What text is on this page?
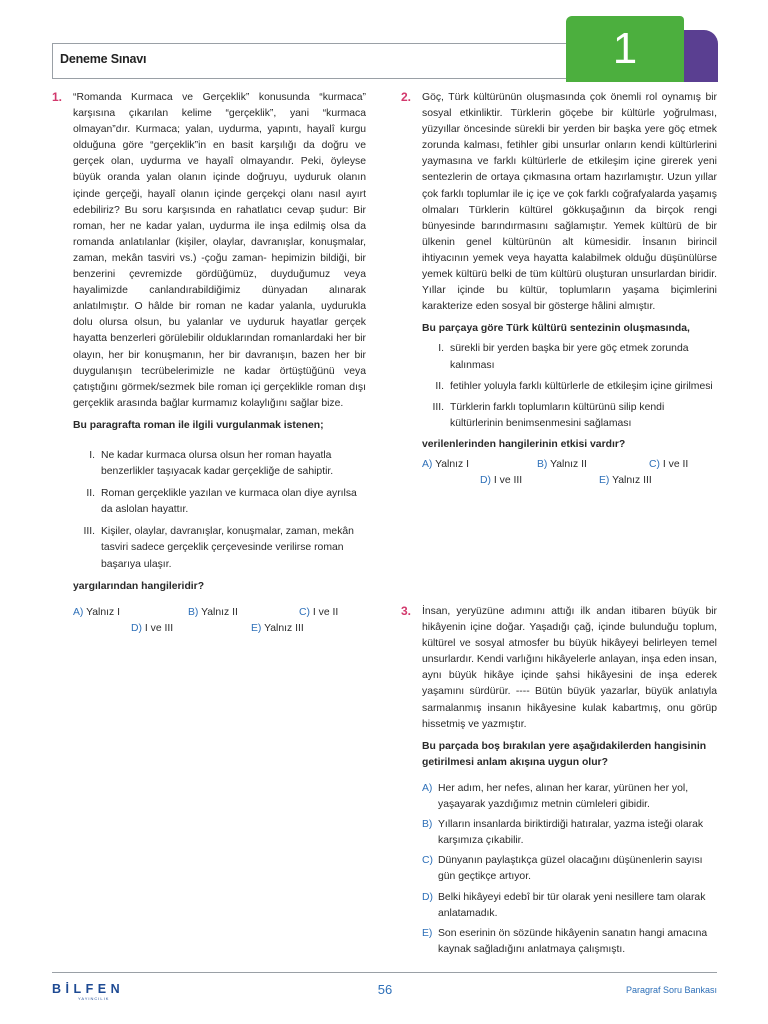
Deneme Sınavı	1
1. “Romanda Kurmaca ve Gerçeklik” konusunda “kurmaca” karşısına çıkarılan kelime “gerçeklik”, yani “kurmaca olmayan”dır. Kurmaca; yalan, uydurma, yapıntı, hayalî kurgu olduğuna göre “gerçeklik”in en basit karşılığı da doğru ve gerçek olan, uydurma ve hayalî olmayandır. Peki, öyleyse büyük oranda yalan olanın içinde doğruyu, uyduruk olanın içinde gerçeği, hayalî olanın içinde gerçekçi olanı nasıl ayırt edebiliriz? Bu soru karşısında en rahatlatıcı cevap şudur: Bir roman, her ne kadar yalan, uydurma ile inşa edilmiş olsa da romanda anlatılanlar (kişiler, olaylar, davranışlar, konuşmalar, zaman, mekân tasviri vs.) -çoğu zaman- hepimizin bildiği, bir benzerini çevremizde gördüğümüz, duyduğumuz veya hayalimizde canlandırabildiğimiz dünyadan alınarak anlatılmıştır. O hâlde bir roman ne kadar yalanla, uydurukla dolu olursa olsun, bu yalanlar ve uyduruk hayatlar gerçek hayatta benzerleri görülebilir olduklarından romanlardaki her bir olayın, her bir konuşmanın, her bir davranışın, bazen her bir duygulanışın tecrübelerimizle ne kadar örtüştüğünü veya çatıştığını görmek/sezmek bile roman içi gerçeklikle roman dışı gerçeklik arasında bağlar kurmamız kolaylığını sağlar bize.

Bu paragrafta roman ile ilgili vurgulanmak istenen;

I. Ne kadar kurmaca olursa olsun her roman hayatla benzerlikler taşıyacak kadar gerçekliğe de sahiptir.
II. Roman gerçeklikle yazılan ve kurmaca olan diye ayrılsa da aslolan hayattır.
III. Kişiler, olaylar, davranışlar, konuşmalar, zaman, mekân tasviri sadece gerçeklik çerçevesinde verilirse roman başarıya ulaşır.

yargılarından hangileridir?

A) Yalnız I	B) Yalnız II	C) I ve II
D) I ve III	E) Yalnız III
2. Göç, Türk kültürünün oluşmasında çok önemli rol oynamış bir sosyal etkinliktir. Türklerin göçebe bir kültürle yoğrulması, yüzyıllar öncesinde sürekli bir yerden bir başka yere göç etmek zorunda kalması, fetihler gibi unsurlar onların kendi kültürlerini yaymasına ve farklı kültürlerle de etkileşim içine girerek yeni sentezlerin de ortaya çıkmasına ortam hazırlamıştır. Uzun yıllar çok farklı toplumlar ile iç içe ve çok farklı coğrafyalarda yaşamış olmaları Türklerin kültürel gökkuşağının da birçok rengi bünyesinde barındırmasını sağlamıştır. Yemek kültürü de bir ülkenin genel kültürünün alt kümesidir. İnsanın birincil ihtiyacının yemek veya hayatta kalabilmek olduğu düşünülürse yemek kültürü belki de tüm kültürü oluşturan unsurlardan biridir. Yıllar içinde bu kültür, toplumların yaşama biçimlerini karakterize eden sosyal bir gösterge hâlini almıştır.

Bu parçaya göre Türk kültürü sentezinin oluşmasında,

I. sürekli bir yerden başka bir yere göç etmek zorunda kalınması
II. fetihler yoluyla farklı kültürlerle de etkileşim içine girilmesi
III. Türklerin farklı toplumların kültürünü silip kendi kültürlerinin benimsenmesini sağlaması

verilenlerinden hangilerinin etkisi vardır?

A) Yalnız I	B) Yalnız II	C) I ve II
D) I ve III	E) Yalnız III
3. İnsan, yeryüzüne adımını attığı ilk andan itibaren büyük bir hikâyenin içine doğar. Yaşadığı çağ, içinde bulunduğu toplum, kültürel ve sosyal atmosfer bu büyük hikâyeyi belirleyen temel unsurlardır. Kendi varlığını hikâyelerle anlayan, inşa eden insan, aynı büyük hikâye içinde şahsi hikâyesini de inşa ederek yaşamını sürdürür. ---- Bütün büyük yazarlar, büyük anlatıyla sarmalanmış insanın hikâyesine kulak kabartmış, onu görüp hissetmiş ve yazmıştır.

Bu parçada boş bırakılan yere aşağıdakilerden hangisinin getirilmesi anlam akışına uygun olur?

A) Her adım, her nefes, alınan her karar, yürünen her yol, yaşayarak yazdığımız metnin cümleleri gibidir.
B) Yılların insanlarda biriktirdiği hatıralar, yazma isteği olarak karşımıza çıkabilir.
C) Dünyanın paylaştıkça güzel olacağını düşünenlerin sayısı gün geçtikçe artıyor.
D) Belki hikâyeyi edebî bir tür olarak yeni nesillere tam olarak anlatamadık.
E) Son eserinin ön sözünde hikâyenin sanatın hangi amacına kaynak sağladığını anlatmaya çalışmıştı.
BİLFEN
YAYINCILIK
56	Paragraf Soru Bankası
